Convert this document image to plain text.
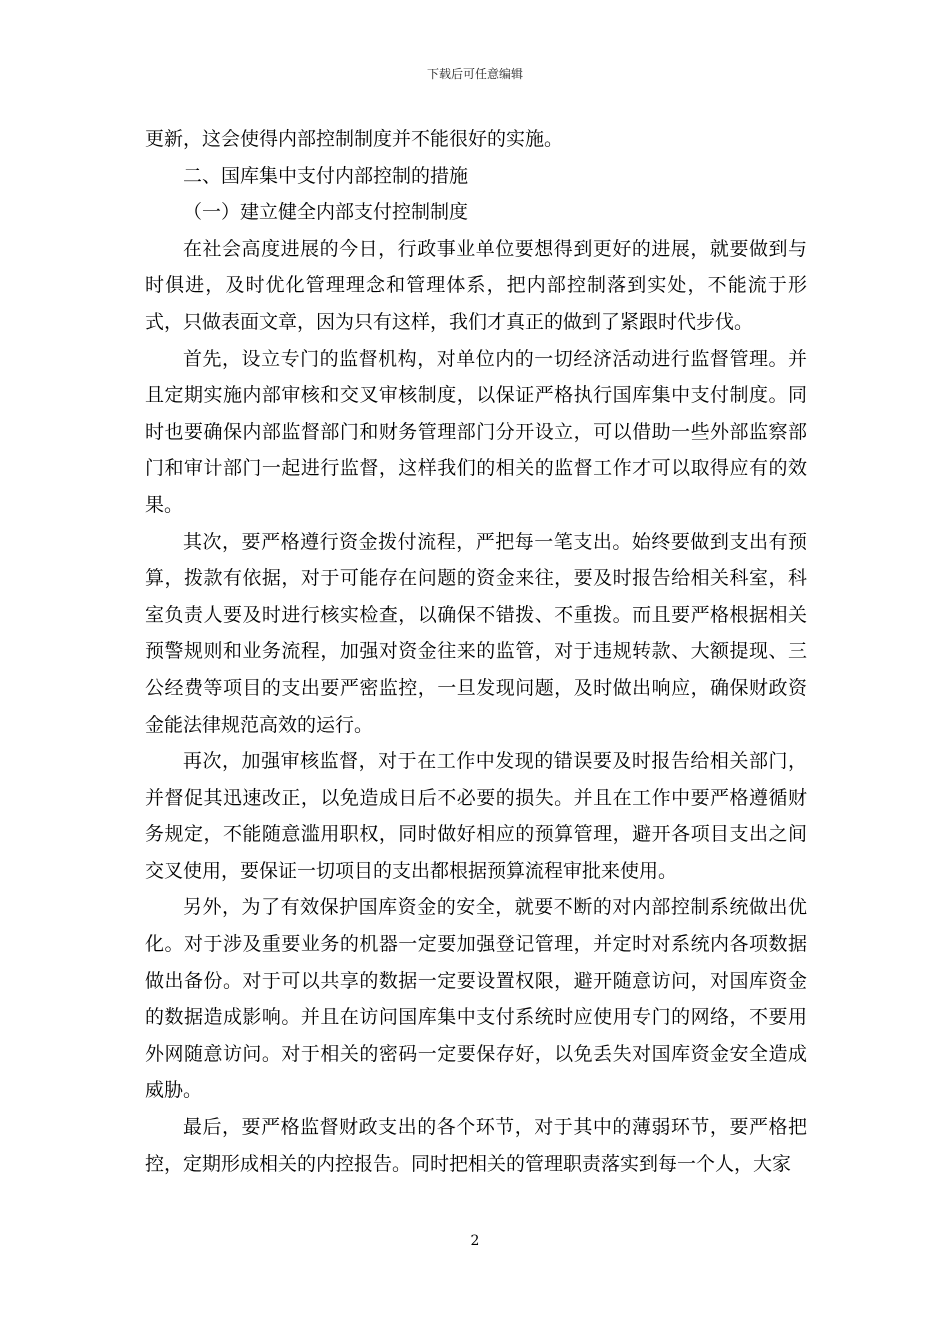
下载后可任意编辑

更新，这会使得内部控制制度并不能很好的实施。

二、国库集中支付内部控制的措施

（一）建立健全内部支付控制制度

在社会高度进展的今日，行政事业单位要想得到更好的进展，就要做到与时俱进，及时优化管理理念和管理体系，把内部控制落到实处，不能流于形式，只做表面文章，因为只有这样，我们才真正的做到了紧跟时代步伐。

首先，设立专门的监督机构，对单位内的一切经济活动进行监督管理。并且定期实施内部审核和交叉审核制度，以保证严格执行国库集中支付制度。同时也要确保内部监督部门和财务管理部门分开设立，可以借助一些外部监察部门和审计部门一起进行监督，这样我们的相关的监督工作才可以取得应有的效果。

其次，要严格遵行资金拨付流程，严把每一笔支出。始终要做到支出有预算，拨款有依据，对于可能存在问题的资金来往，要及时报告给相关科室，科室负责人要及时进行核实检查，以确保不错拨、不重拨。而且要严格根据相关预警规则和业务流程，加强对资金往来的监管，对于违规转款、大额提现、三公经费等项目的支出要严密监控，一旦发现问题，及时做出响应，确保财政资金能法律规范高效的运行。

再次，加强审核监督，对于在工作中发现的错误要及时报告给相关部门，并督促其迅速改正，以免造成日后不必要的损失。并且在工作中要严格遵循财务规定，不能随意滥用职权，同时做好相应的预算管理，避开各项目支出之间交叉使用，要保证一切项目的支出都根据预算流程审批来使用。

另外，为了有效保护国库资金的安全，就要不断的对内部控制系统做出优化。对于涉及重要业务的机器一定要加强登记管理，并定时对系统内各项数据做出备份。对于可以共享的数据一定要设置权限，避开随意访问，对国库资金的数据造成影响。并且在访问国库集中支付系统时应使用专门的网络，不要用外网随意访问。对于相关的密码一定要保存好，以免丢失对国库资金安全造成威胁。

最后，要严格监督财政支出的各个环节，对于其中的薄弱环节，要严格把控，定期形成相关的内控报告。同时把相关的管理职责落实到每一个人，大家

2
